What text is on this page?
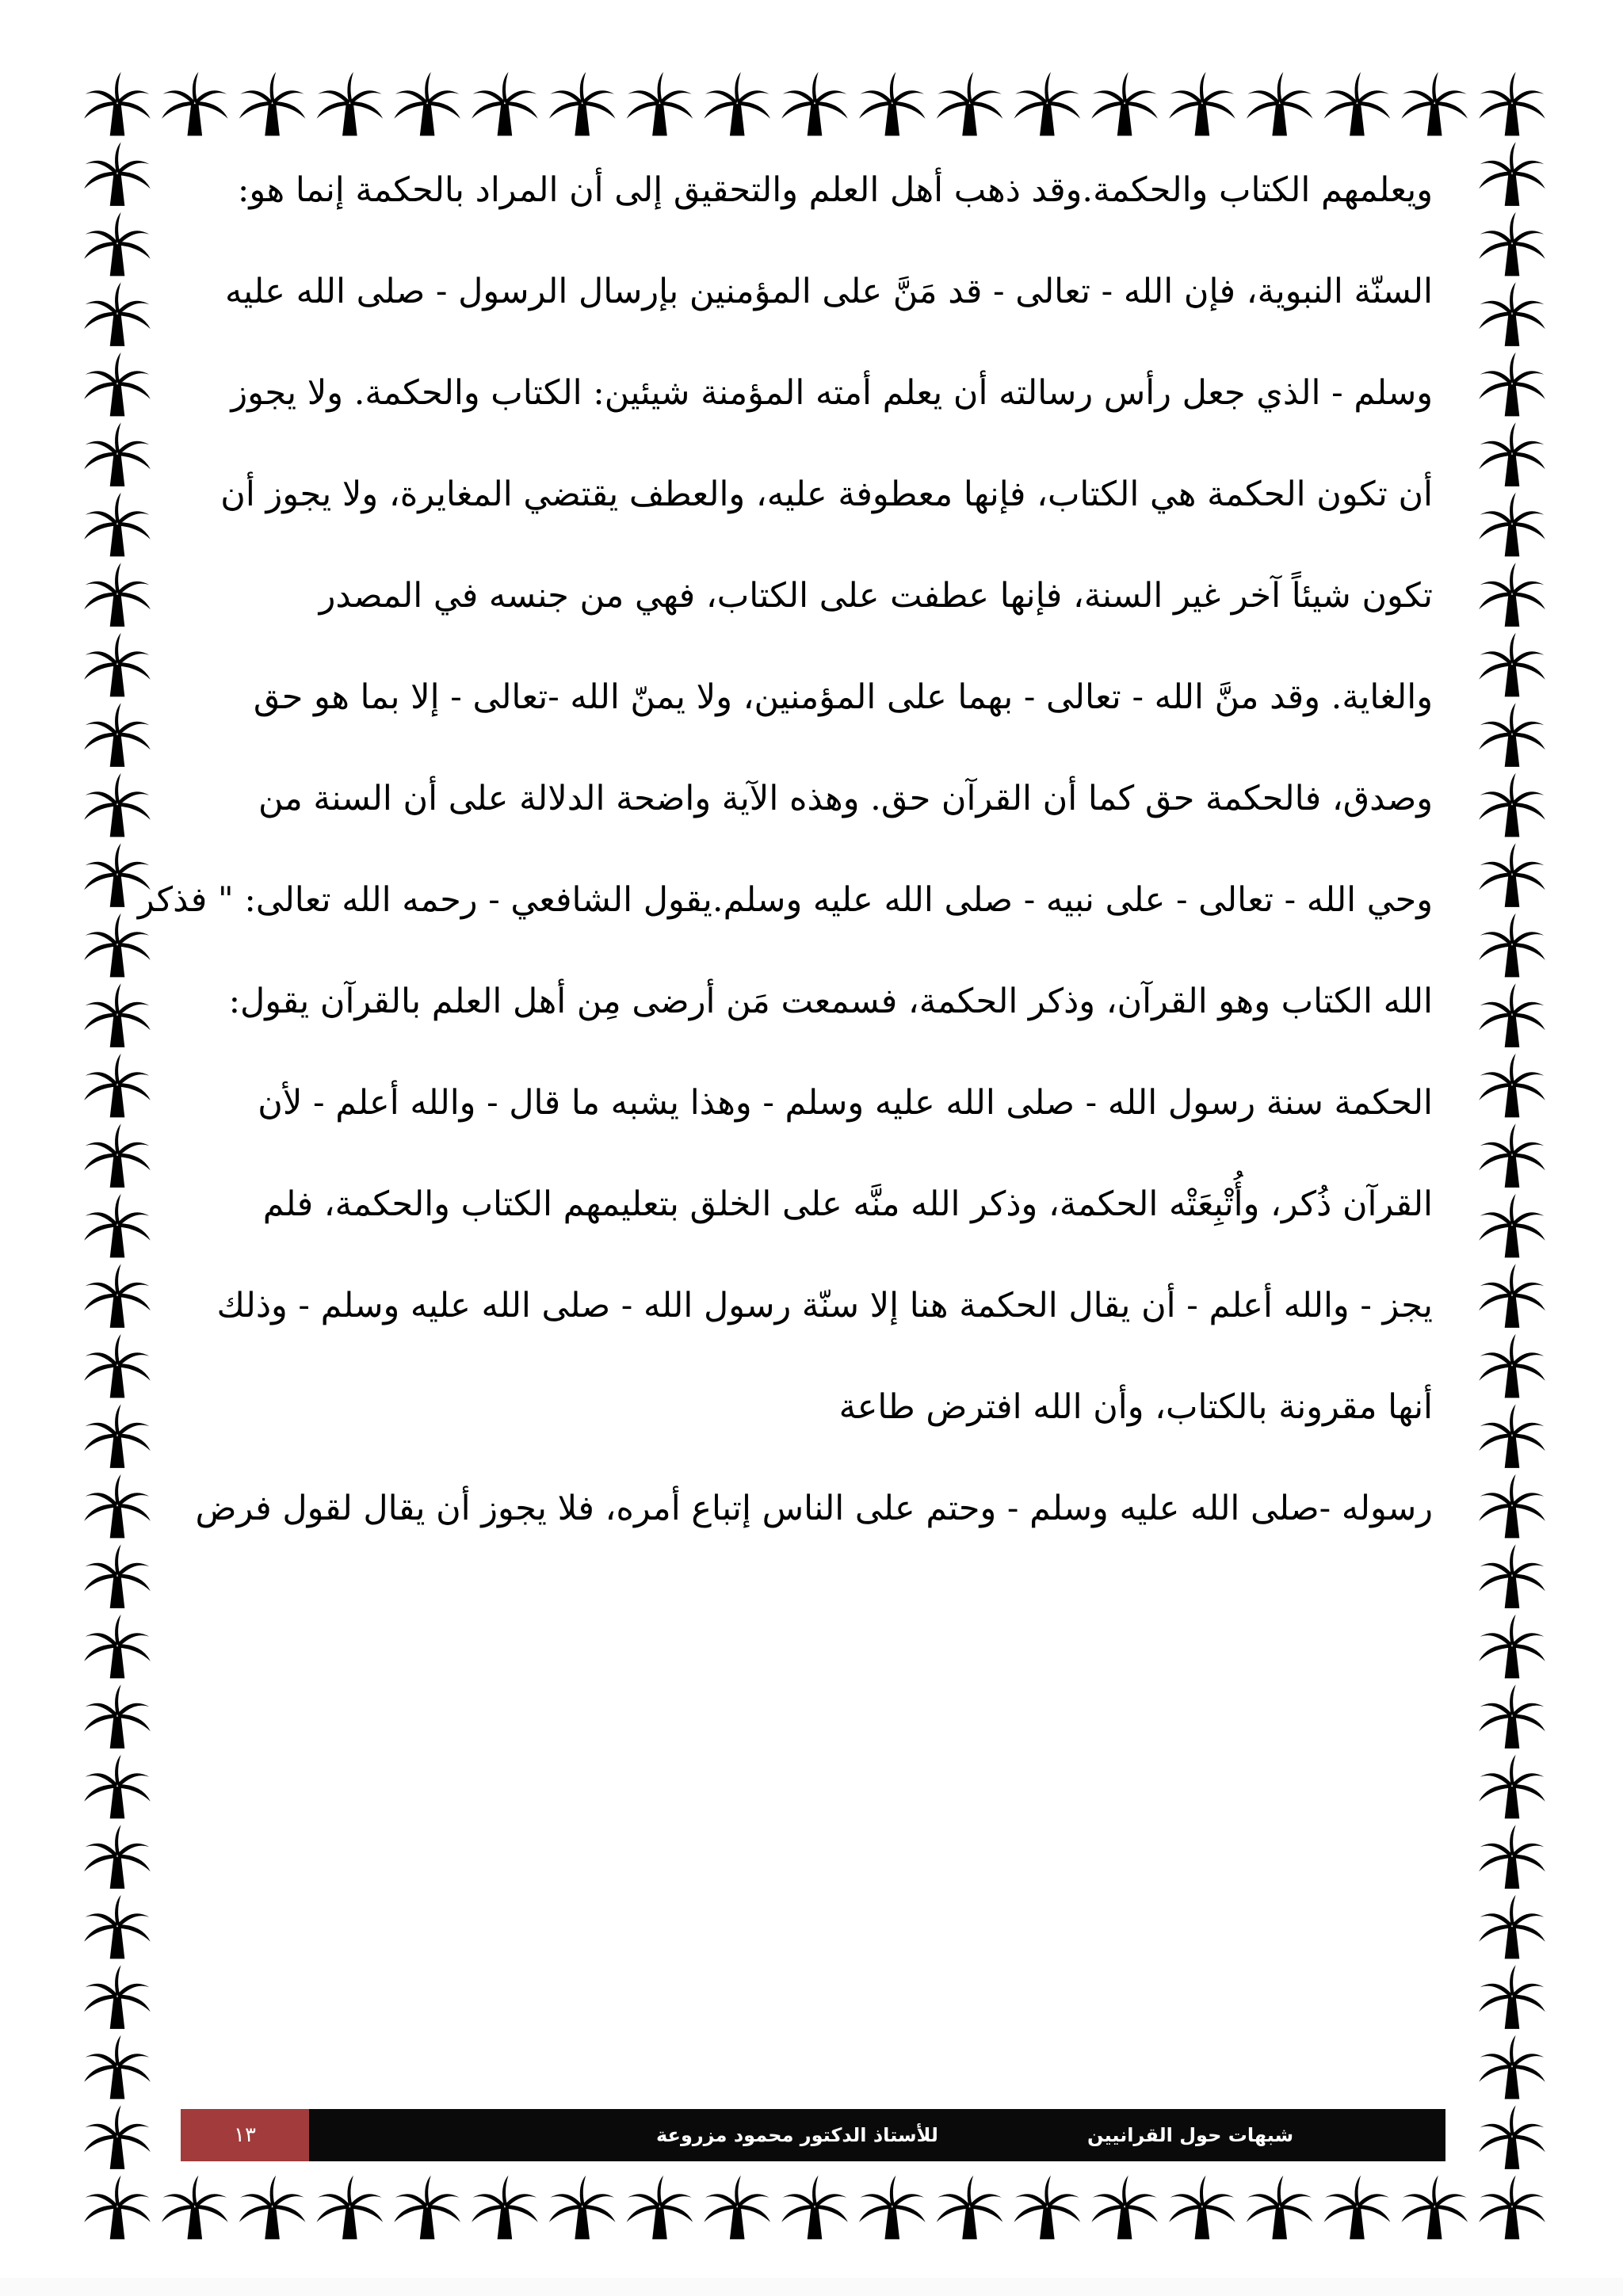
ويعلمهم الكتاب والحكمة.وقد ذهب أهل العلم والتحقيق إلى أن المراد بالحكمة إنما هو:
السنّة النبوية، فإن الله - تعالى - قد مَنَّ على المؤمنين بإرسال الرسول - صلى الله عليه
وسلم - الذي جعل رأس رسالته أن يعلم أمته المؤمنة شيئين: الكتاب والحكمة. ولا يجوز
أن تكون الحكمة هي الكتاب، فإنها معطوفة عليه، والعطف يقتضي المغايرة، ولا يجوز أن
تكون شيئاً آخر غير السنة، فإنها عطفت على الكتاب، فهي من جنسه في المصدر
والغاية. وقد منَّ الله - تعالى - بهما على المؤمنين، ولا يمنّ الله -تعالى - إلا بما هو حق
وصدق، فالحكمة حق كما أن القرآن حق. وهذه الآية واضحة الدلالة على أن السنة من
وحي الله - تعالى - على نبيه - صلى الله عليه وسلم.يقول الشافعي - رحمه الله تعالى: " فذكر
الله الكتاب وهو القرآن، وذكر الحكمة، فسمعت مَن أرضى مِن أهل العلم بالقرآن يقول:
الحكمة سنة رسول الله - صلى الله عليه وسلم - وهذا يشبه ما قال - والله أعلم - لأن
القرآن ذُكر، وأُتْبِعَتْه الحكمة، وذكر الله منَّه على الخلق بتعليمهم الكتاب والحكمة، فلم
يجز - والله أعلم - أن يقال الحكمة هنا إلا سنّة رسول الله - صلى الله عليه وسلم - وذلك
أنها مقرونة بالكتاب، وأن الله افترض طاعة
رسوله -صلى الله عليه وسلم - وحتم على الناس إتباع أمره، فلا يجوز أن يقال لقول فرض
١٣	للأستاذ الدكتور محمود مزروعة	شبهات حول القرانيين
